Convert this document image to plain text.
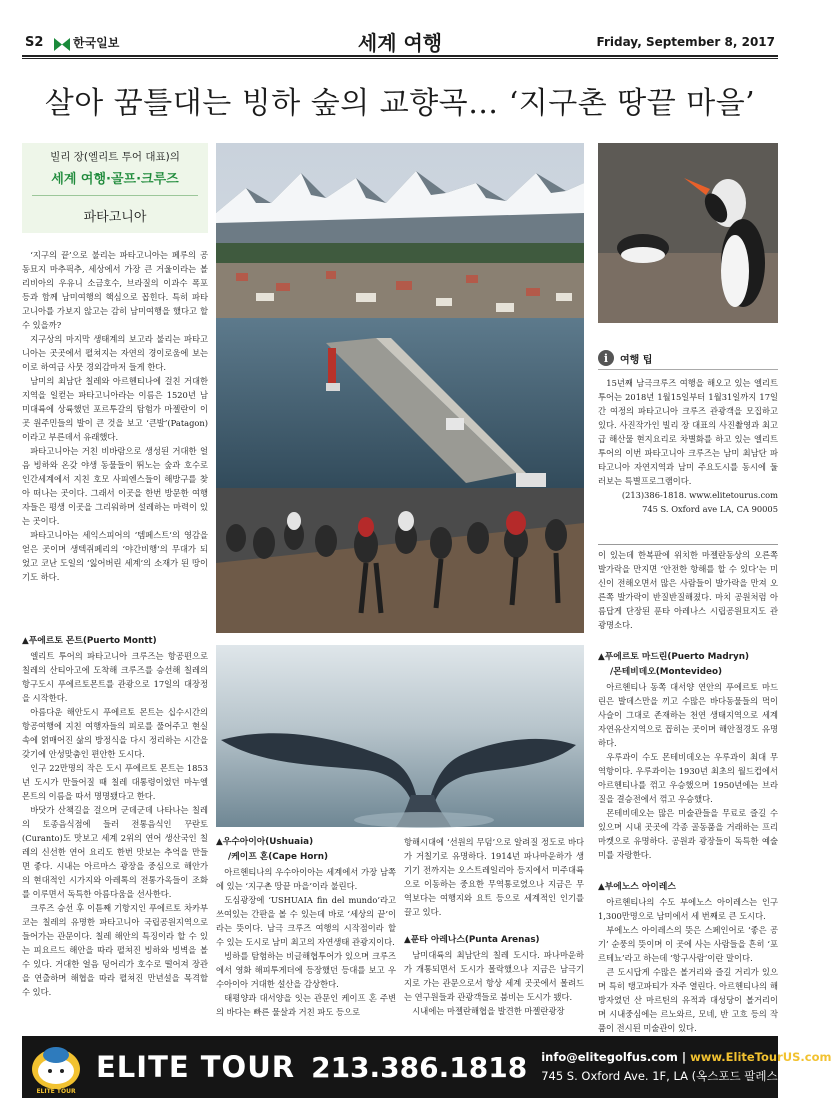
S2 한국일보	세계 여행	Friday, September 8, 2017
살아 꿈틀대는 빙하 숲의 교향곡… ‘지구촌 땅끝 마을’
빌리 장(엘리트 투어 대표)의
세계 여행·골프·크루즈
파타고니아

‘지구의 끝’으로 불리는 파타고니아는 페루의 공동묘지 마추픽추, 세상에서 가장 큰 거울이라는 볼리비아의 우유니 소금호수, 브라질의 이과수 폭포 등과 함께 남미여행의 핵심으로 꼽힌다. 특히 파타고니아를 가보지 않고는 감히 남미여행을 했다고 할 수 있을까?

지구상의 마지막 생태계의 보고라 불리는 파타고니아는 곳곳에서 펼쳐지는 자연의 경이로움에 보는 이로 하여금 사뭇 경외감마저 들게 한다.

남미의 최남단 칠레와 아르헨티나에 걸친 거대한 지역을 일컫는 파타고니아라는 이름은 1520년 남미대륙에 상륙했던 포르투갈의 탐험가 마젤란이 이 곳 원주민들의 발이 큰 것을 보고 ‘큰발’(Patagon)이라고 부른데서 유래했다.

파타고니아는 거친 비바람으로 생성된 거대한 얼음 빙하와 온갖 야생 동물들이 뛰노는 숲과 호수로 인간세계에서 지친 호모 사피엔스들이 해방구를 찾아 떠나는 곳이다. 그래서 이곳을 한번 방문한 여행자들은 평생 이곳을 그리워하며 설레하는 마력이 있는 곳이다.

파타고니아는 세익스피어의 ‘템페스트’의 영감을 얻은 곳이며 생텍쥐페리의 ‘야간비행’의 무대가 되었고 코난 도일의 ‘잃어버린 세계’의 소재가 된 땅이기도 하다.

▲푸에르토 몬트(Puerto Montt)

엘리트 투어의 파타고니아 크루즈는 항공편으로 칠레의 산티아고에 도착해 크루즈를 승선해 칠레의 항구도시 푸에르토몬트를 관광으로 17일의 대장정을 시작한다.

아름다운 해안도시 푸에르토 몬트는 십수시간의 항공여행에 지친 여행자들의 피로를 풀어주고 현실 속에 얽매어진 삶의 방정식을 다시 정리하는 시간을 갖기에 안성맞춤인 편안한 도시다.

인구 22만명의 작은 도시 푸에르토 몬트는 1853년 도시가 만들어질 때 칠레 대통령이었던 마누엘 몬트의 이름을 따서 명명됐다고 한다.

바닷가 산책길을 걸으며 군데군데 나타나는 칠레의 토종음식점에 들러 전통음식인 꾸란토(Curanto)도 맛보고 세계 2위의 연어 생산국인 칠레의 신선한 연어 요리도 한번 맛보는 추억을 만들면 좋다. 시내는 아르마스 광장을 중심으로 해안가의 현대적인 시가지와 아레톡의 전통가옥들이 조화를 이루면서 독특한 아름다움을 선사한다.

크루즈 승선 후 이튿째 기항지인 푸에르토 차카부코는 칠레의 유명한 파타고니아 국립공원지역으로 들어가는 관문이다. 칠레 해안의 특징이라 할 수 있는 피요르드 해안을 따라 펼쳐진 빙하와 빙벽을 볼 수 있다. 거대한 얼음 덩어리가 호수로 떨어져 장관을 연출하며 해협을 따라 펼쳐진 만년설을 목격할 수 있다.

i	여행 팁

15년째 남극크루즈 여행을 해오고 있는 엘리트 투어는 2018년 1월15일부터 1월31일까지 17일간 여정의 파타고니아 크루즈 관광객을 모집하고 있다. 사진작가인 빌리 장 대표의 사진촬영과 최고급 해산물 현지요리로 차별화를 하고 있는 엘리트 투어의 이번 파타고니아 크루즈는 남미 최남단 파타고니아 자연지역과 남미 주요도시를 동시에 둘러보는 특별프로그램이다.

(213)386-1818. www.elitetourus.com

745 S. Oxford ave LA, CA 90005

이 있는데 한복판에 위치한 마젤란동상의 오른쪽 발가락을 만지면 ‘안전한 항해를 할 수 있다’는 미신이 전해오면서 많은 사람들이 발가락을 만져 오른쪽 발가락이 반질반질해졌다. 마치 공원처럼 아름답게 단장된 푼타 아레나스 시립공원묘지도 관광명소다.

▲푸에르토 마드린(Puerto Madryn)
/몬테비데오(Montevideo)

아르헨티나 동쪽 대서양 연안의 푸에르토 마드린은 발데스만을 끼고 수많은 바다동물들의 먹이사슬이 그대로 존재하는 천연 생태지역으로 세계자연유산지역으로 꼽히는 곳이며 해안절경도 유명하다.

우루과이 수도 몬테비데오는 우루과이 최대 무역항이다. 우루과이는 1930년 최초의 월드컵에서 아르헨티나를 꺾고 우승했으며 1950년에는 브라질을 결승전에서 꺾고 우승했다.

몬테비데오는 많은 미술관들을 무료로 즐길 수있으며 시내 곳곳에 각종 골동품을 거래하는 프리마켓으로 유명하다. 공원과 광장들이 독특한 예술미를 자랑한다.

▲부에노스 아이레스

아르헨티나의 수도 부에노스 아이레스는 인구 1,300만명으로 남미에서 세 번째로 큰 도시다.

부에노스 아이레스의 뜻은 스페인어로 ‘좋은 공기’ 순풍의 뜻이며 이 곳에 사는 사람들을 흔히 ‘포르테뇨’라고 하는데 ‘항구사람’이란 말이다.

큰 도시답게 수많은 볼거리와 즐길 거리가 있으며 특히 탱고파티가 자주 열린다. 아르헨티나의 해방자였던 산 마르틴의 유적과 대성당이 볼거리이며 시내중심에는 르노와르, 모네, 반 고흐 등의 작품이 전시된 미술관이 있다.

▲우수아이아(Ushuaia)
/케이프 혼(Cape Horn)

아르헨티나의 우수아이아는 세계에서 가장 남쪽에 있는 ‘지구촌 땅끝 마을’이라 불린다.

도심광장에 ‘USHUAIA fin del mundo’라고 쓰여있는 간판을 볼 수 있는데 바로 ‘세상의 끝’이라는 뜻이다. 남극 크루즈 여행의 시작점이라 할 수 있는 도시로 남미 최고의 자연생태 관광지이다.

빙하를 탐험하는 비글해협투어가 있으며 크루즈에서 영화 해피투게더에 등장했던 등대를 보고 우수아이아 거대한 설산을 감상한다.

태평양과 대서양을 잇는 관문인 케이프 혼 주변의 바다는 빠른 물살과 거친 파도 등으로

항해시대에 ‘선원의 무덤’으로 알려질 정도로 바다가 거칠기로 유명하다. 1914년 파나마운하가 생기기 전까지는 오스트레일리아 등지에서 미주대륙으로 이동하는 중요한 무역통로였으나 지금은 무역보다는 여행지와 요트 등으로 세계적인 인기를 끌고 있다.

▲푼타 아레나스(Punta Arenas)

남미대륙의 최남단의 칠레 도시다. 파나마운하가 개통되면서 도시가 몰락했으나 지금은 남극기지로 가는 관문으로서 항상 세계 곳곳에서 몰려드는 연구원들과 관광객들로 붐비는 도시가 됐다.

시내에는 마젤란해협을 발견한 마젤란광장

ELITE TOUR
ELITE TOUR 213.386.1818 info@elitegolfus.com | www.EliteTourUS.com
745 S. Oxford Ave. 1F, LA (옥스포드 팔레스호텔1층)
